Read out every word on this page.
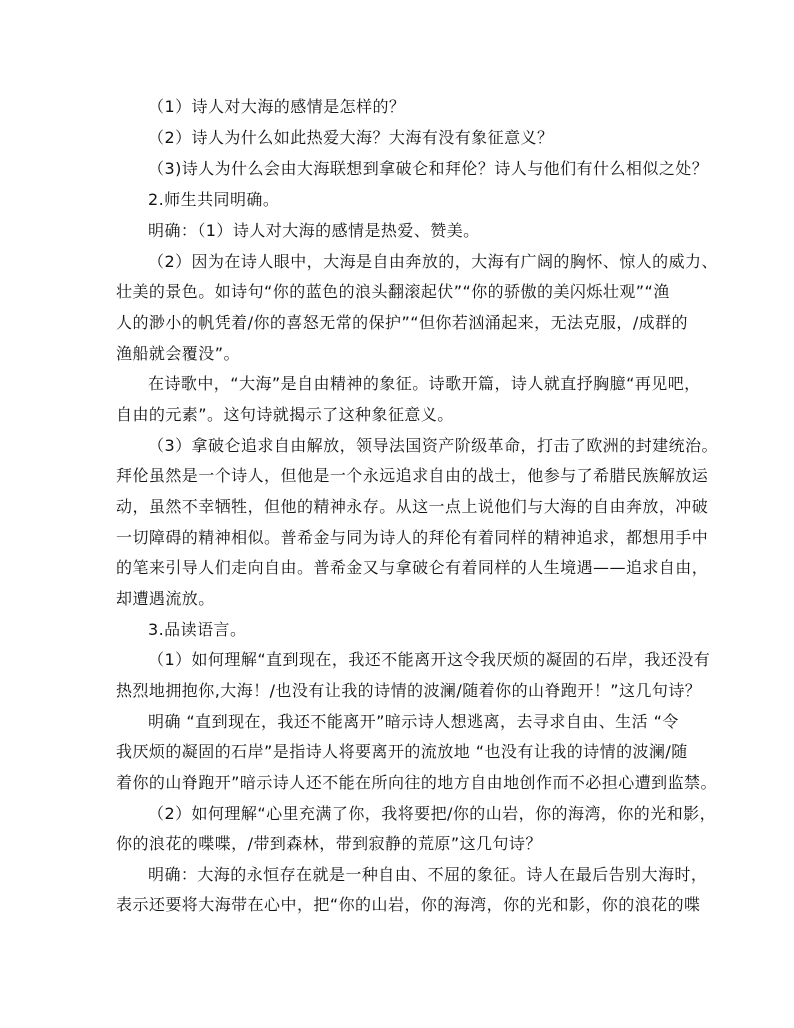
（1）诗人对大海的感情是怎样的？
（2）诗人为什么如此热爱大海？大海有没有象征意义？
（3)诗人为什么会由大海联想到拿破仑和拜伦？诗人与他们有什么相似之处？
2.师生共同明确。
明确：（1）诗人对大海的感情是热爱、赞美。
（2）因为在诗人眼中，大海是自由奔放的，大海有广阔的胸怀、惊人的威力、
壮美的景色。如诗句“你的蓝色的浪头翻滚起伏”“你的骄傲的美闪烁壮观”“渔
人的渺小的帆凭着/你的喜怒无常的保护”“但你若汹涌起来，无法克服，/成群的
渔船就会覆没”。
在诗歌中，“大海”是自由精神的象征。诗歌开篇，诗人就直抒胸臆“再见吧，
自由的元素”。这句诗就揭示了这种象征意义。
（3）拿破仑追求自由解放，领导法国资产阶级革命，打击了欧洲的封建统治。
拜伦虽然是一个诗人，但他是一个永远追求自由的战士，他参与了希腊民族解放运
动，虽然不幸牺牲，但他的精神永存。从这一点上说他们与大海的自由奔放，冲破
一切障碍的精神相似。普希金与同为诗人的拜伦有着同样的精神追求，都想用手中
的笔来引导人们走向自由。普希金又与拿破仑有着同样的人生境遇——追求自由，
却遭遇流放。
3.品读语言。
（1）如何理解“直到现在，我还不能离开这令我厌烦的凝固的石岸，我还没有
热烈地拥抱你,大海！/也没有让我的诗情的波澜/随着你的山脊跑开！”这几句诗？
明确 “直到现在，我还不能离开”暗示诗人想逃离，去寻求自由、生活 “令
我厌烦的凝固的石岸”是指诗人将要离开的流放地 “也没有让我的诗情的波澜/随
着你的山脊跑开”暗示诗人还不能在所向往的地方自由地创作而不必担心遭到监禁。
（2）如何理解“心里充满了你，我将要把/你的山岩，你的海湾，你的光和影，
你的浪花的喋喋，/带到森林，带到寂静的荒原”这几句诗？
明确：大海的永恒存在就是一种自由、不屈的象征。诗人在最后告别大海时，
表示还要将大海带在心中，把“你的山岩，你的海湾，你的光和影，你的浪花的喋
